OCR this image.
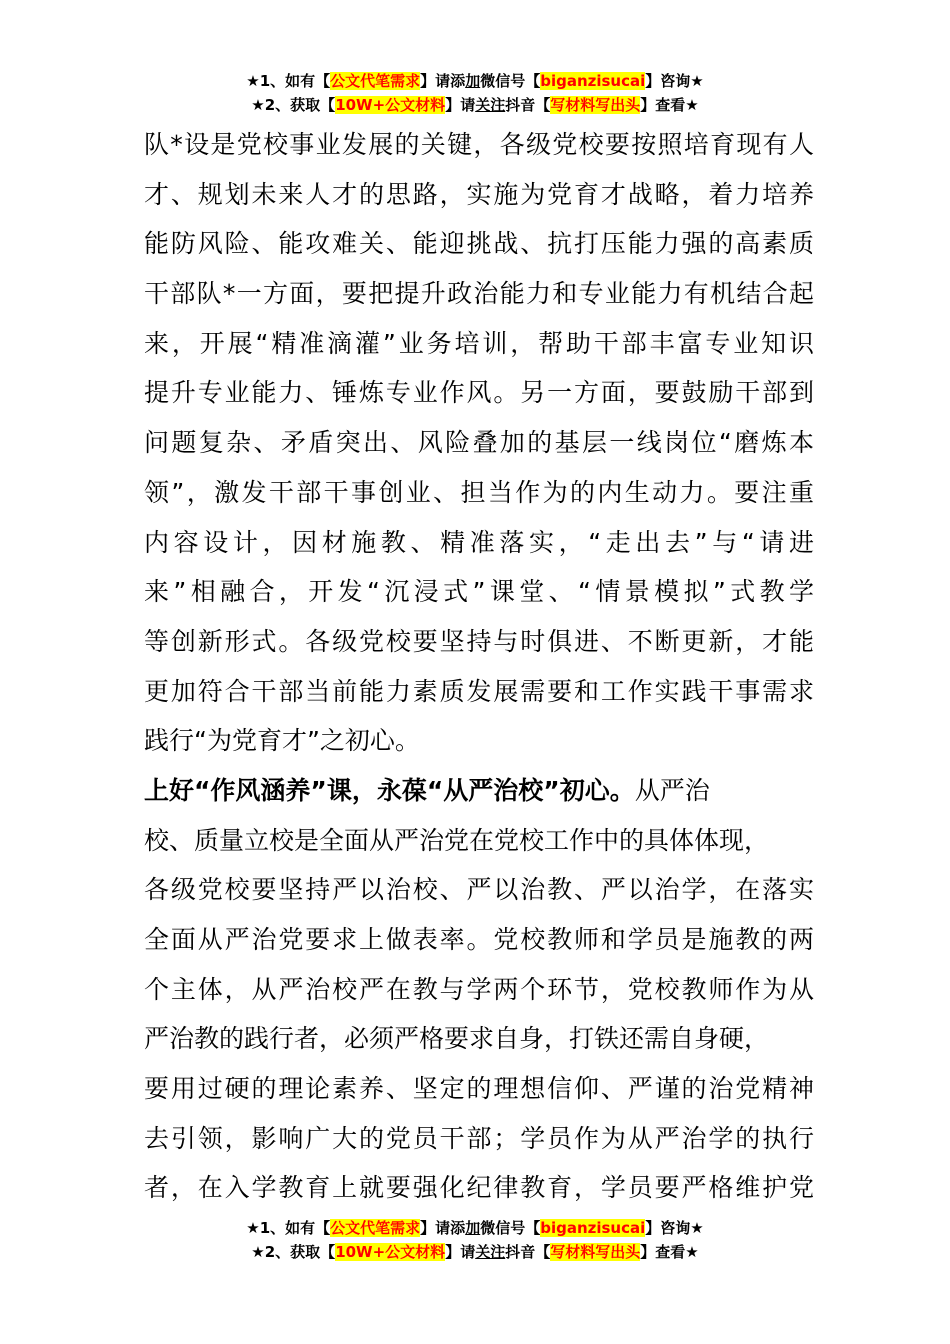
★1、如有【公文代笔需求】请添加微信号【biganzisucai】咨询★
★2、获取【10W+公文材料】请关注抖音【写材料写出头】查看★
队*设是党校事业发展的关键，各级党校要按照培育现有人
才、规划未来人才的思路，实施为党育才战略，着力培养
能防风险、能攻难关、能迎挑战、抗打压能力强的高素质
干部队*一方面，要把提升政治能力和专业能力有机结合起
来，开展“精准滴灌”业务培训，帮助干部丰富专业知识
提升专业能力、锤炼专业作风。另一方面，要鼓励干部到
问题复杂、矛盾突出、风险叠加的基层一线岗位“磨炼本
领”，激发干部干事创业、担当作为的内生动力。要注重
内容设计，因材施教、精准落实，“走出去”与“请进
来”相融合，开发“沉浸式”课堂、“情景模拟”式教学
等创新形式。各级党校要坚持与时俱进、不断更新，才能
更加符合干部当前能力素质发展需要和工作实践干事需求
践行“为党育才”之初心。
上好“作风涵养”课，永葆“从严治校”初心。从严治
校、质量立校是全面从严治党在党校工作中的具体体现，
各级党校要坚持严以治校、严以治教、严以治学，在落实
全面从严治党要求上做表率。党校教师和学员是施教的两
个主体，从严治校严在教与学两个环节，党校教师作为从
严治教的践行者，必须严格要求自身，打铁还需自身硬，
要用过硬的理论素养、坚定的理想信仰、严谨的治党精神
去引领，影响广大的党员干部；学员作为从严治学的执行
者，在入学教育上就要强化纪律教育，学员要严格维护党
★1、如有【公文代笔需求】请添加微信号【biganzisucai】咨询★
★2、获取【10W+公文材料】请关注抖音【写材料写出头】查看★
